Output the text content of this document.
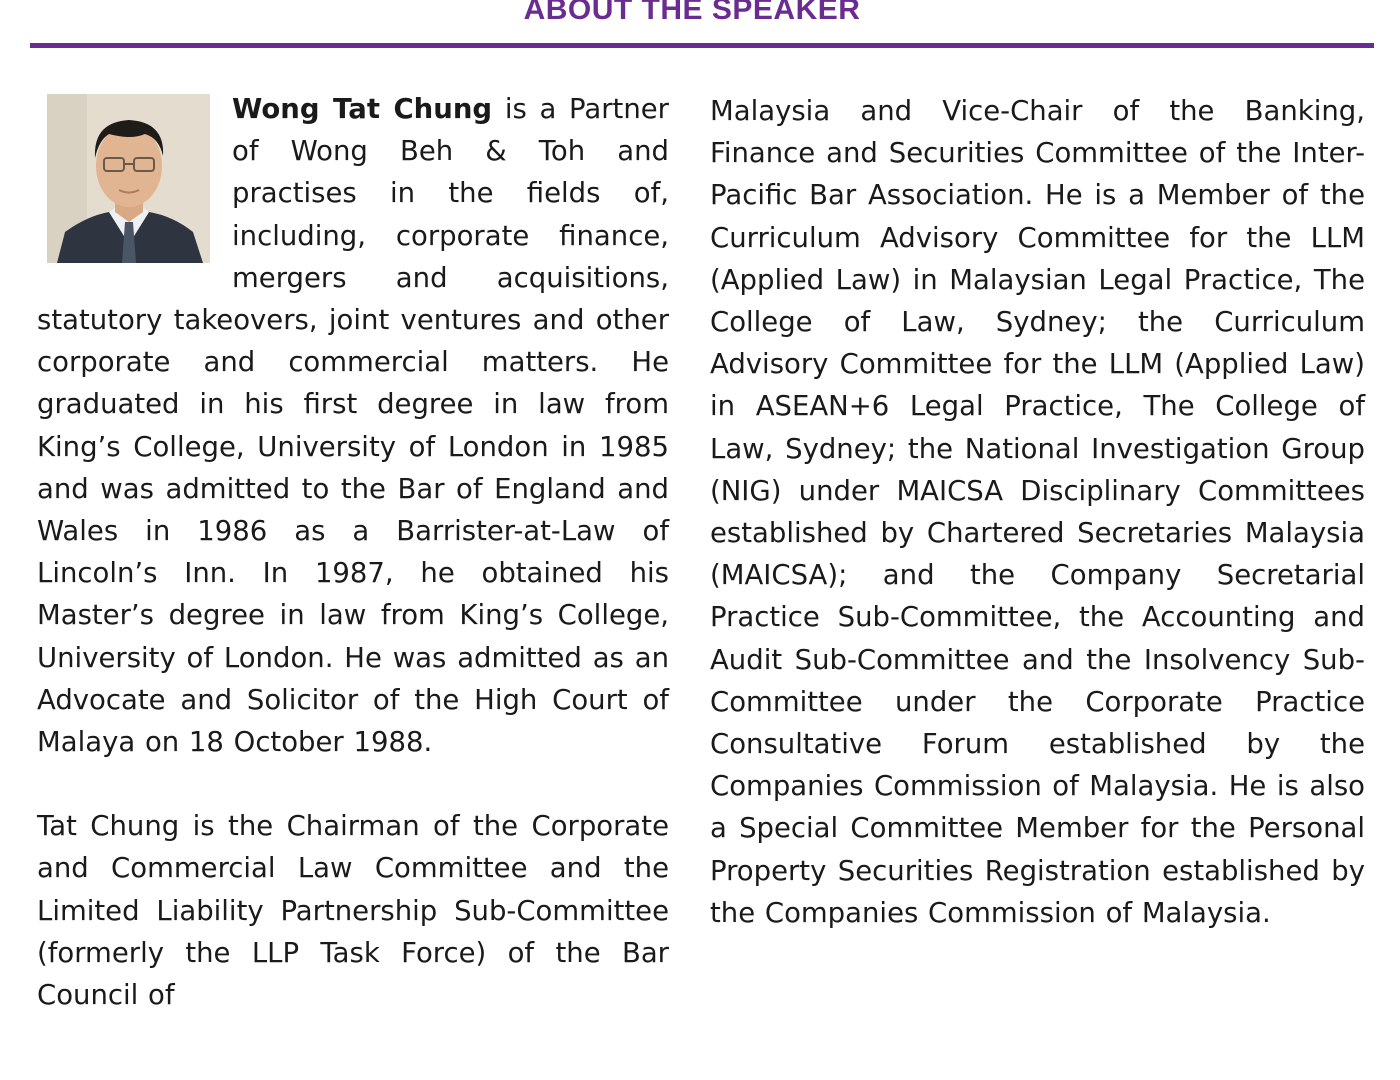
ABOUT THE SPEAKER

Wong Tat Chung is a Partner of Wong Beh & Toh and practises in the fields of, including, corporate finance, mergers and acquisitions, statutory takeovers, joint ventures and other corporate and commercial matters. He graduated in his first degree in law from King’s College, University of London in 1985 and was admitted to the Bar of England and Wales in 1986 as a Barrister-at-Law of Lincoln’s Inn. In 1987, he obtained his Master’s degree in law from King’s College, University of London. He was admitted as an Advocate and Solicitor of the High Court of Malaya on 18 October 1988.

Tat Chung is the Chairman of the Corporate and Commercial Law Committee and the Limited Liability Partnership Sub-Committee (formerly the LLP Task Force) of the Bar Council of

Malaysia and Vice-Chair of the Banking, Finance and Securities Committee of the Inter-Pacific Bar Association. He is a Member of the Curriculum Advisory Committee for the LLM (Applied Law) in Malaysian Legal Practice, The College of Law, Sydney; the Curriculum Advisory Committee for the LLM (Applied Law) in ASEAN+6 Legal Practice, The College of Law, Sydney; the National Investigation Group (NIG) under MAICSA Disciplinary Committees established by Chartered Secretaries Malaysia (MAICSA); and the Company Secretarial Practice Sub-Committee, the Accounting and Audit Sub-Committee and the Insolvency Sub-Committee under the Corporate Practice Consultative Forum established by the Companies Commission of Malaysia. He is also a Special Committee Member for the Personal Property Securities Registration established by the Companies Commission of Malaysia.
